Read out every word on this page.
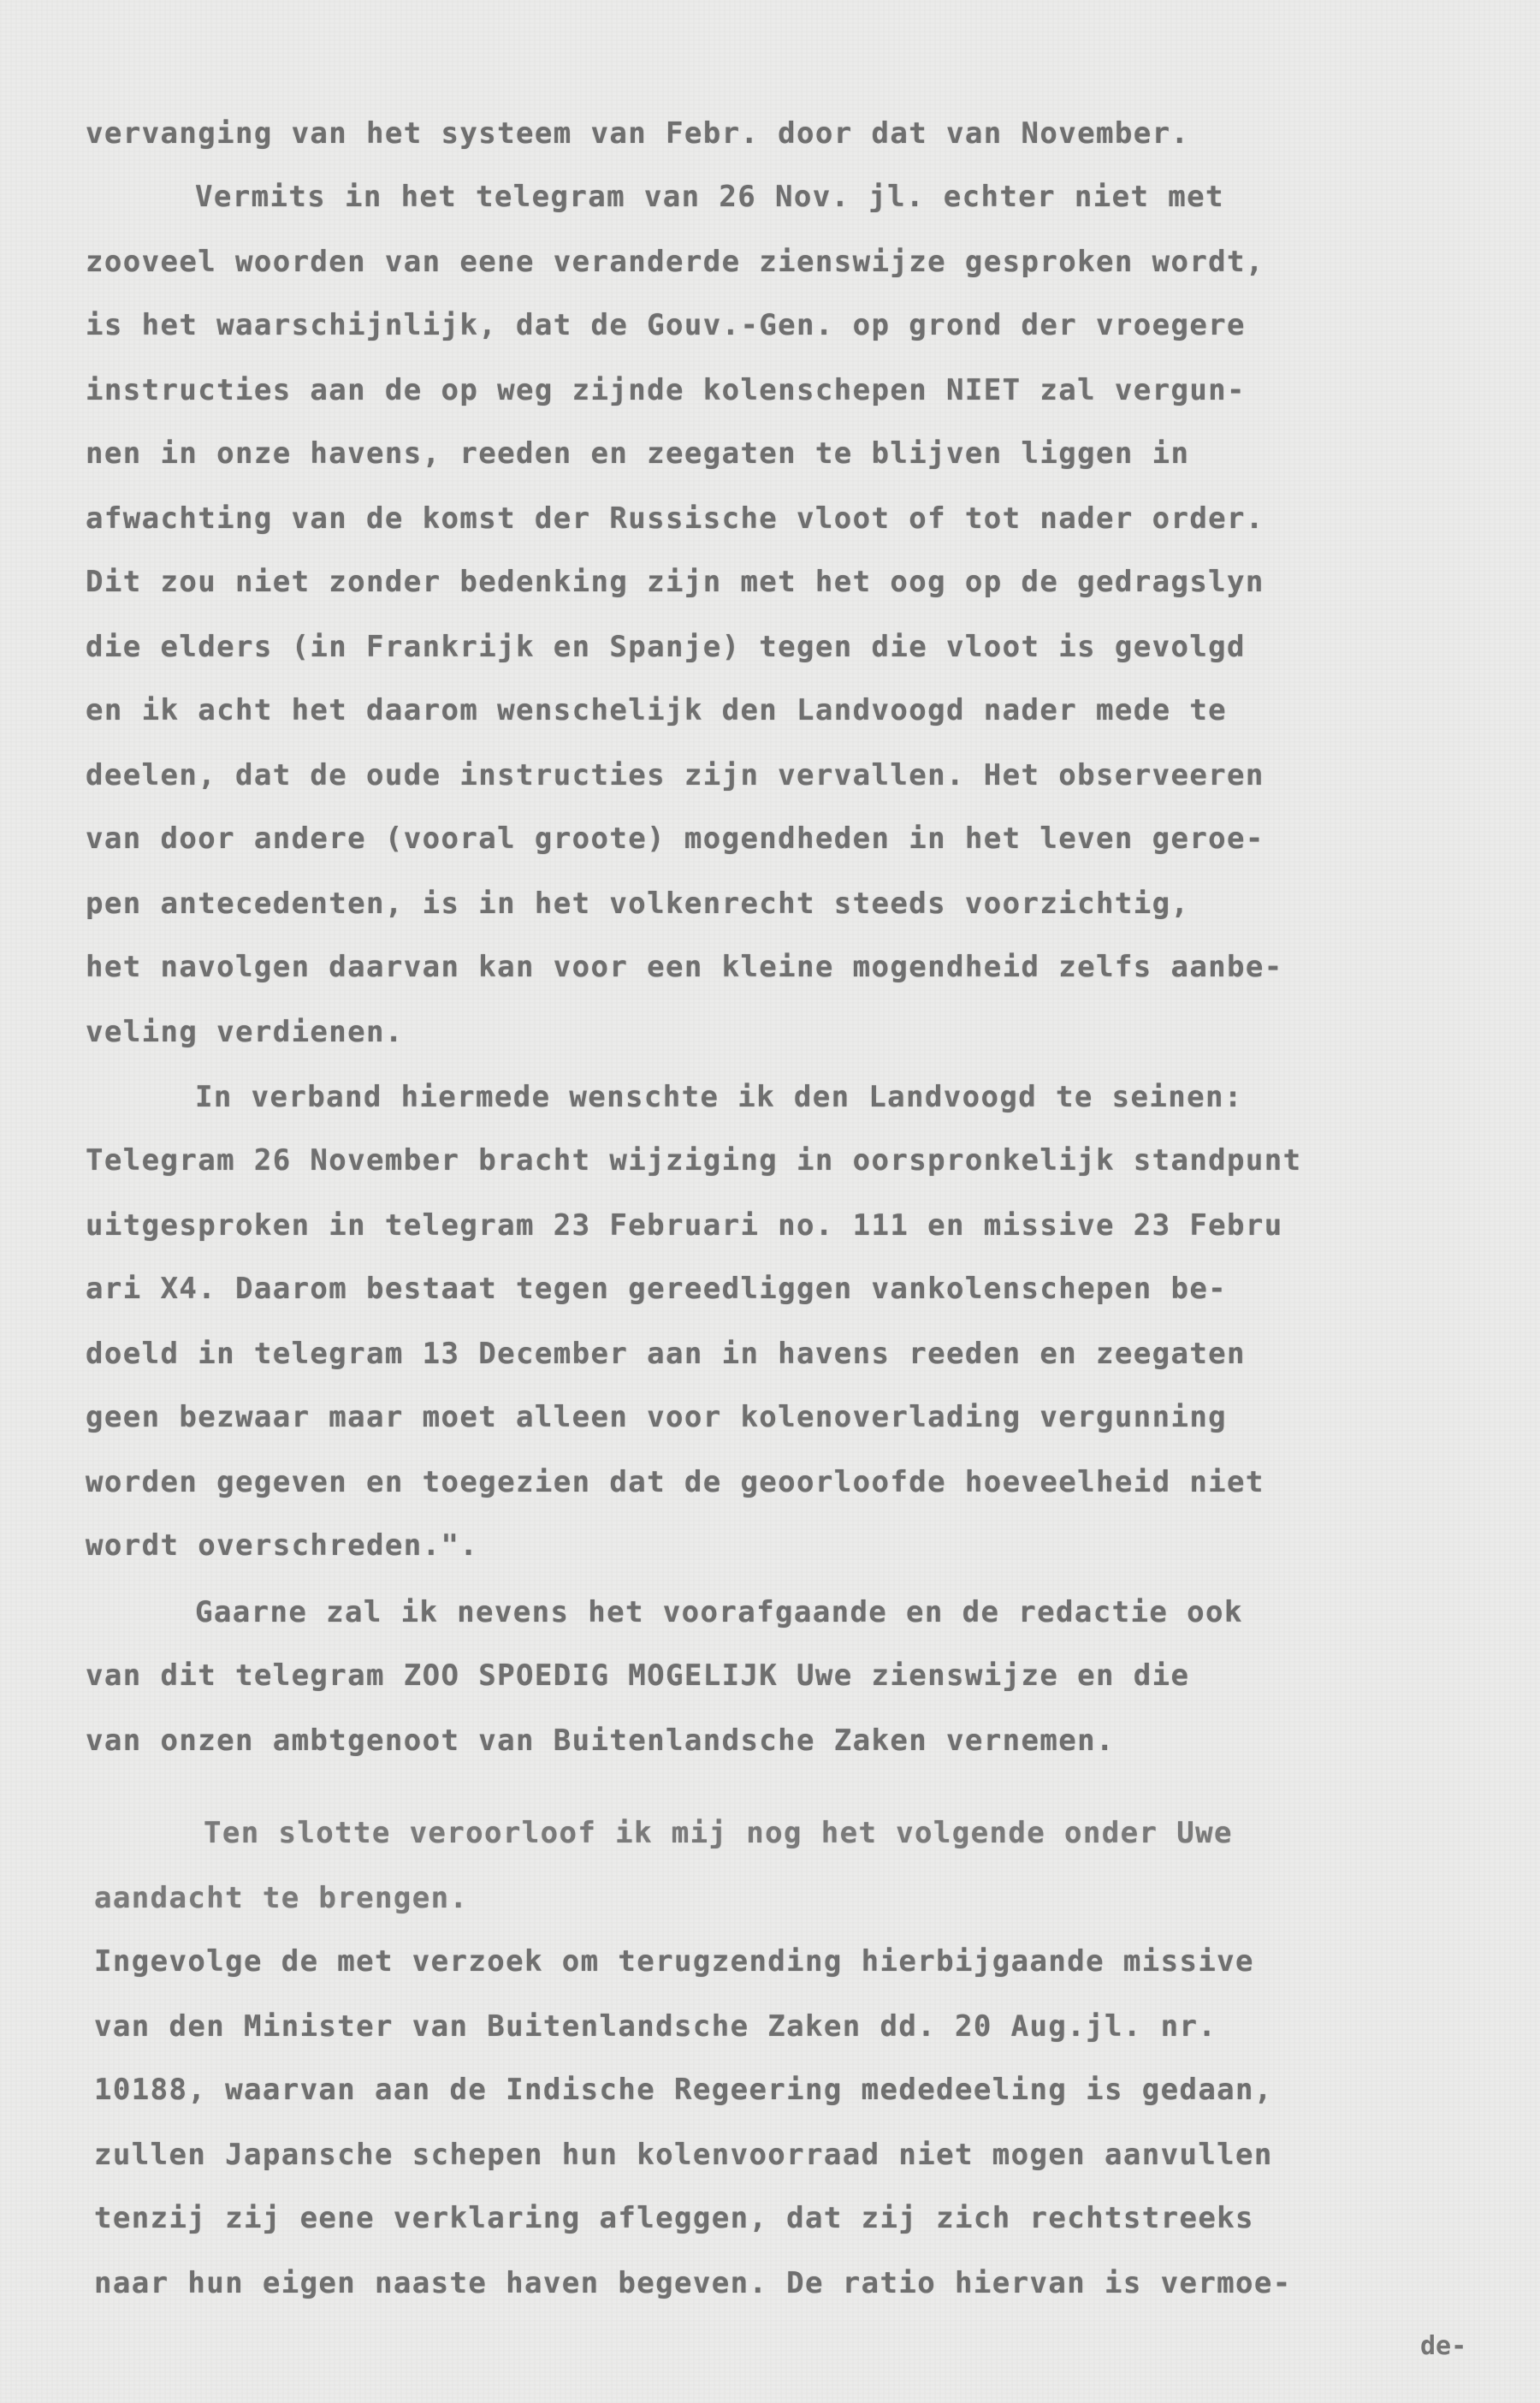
vervanging van het systeem van Febr. door dat van November.
Vermits in het telegram van 26 Nov. jl. echter niet met
zooveel woorden van eene veranderde zienswijze gesproken wordt,
is het waarschijnlijk, dat de Gouv.-Gen. op grond der vroegere
instructies aan de op weg zijnde kolenschepen NIET zal vergun-
nen in onze havens, reeden en zeegaten te blijven liggen in
afwachting van de komst der Russische vloot of tot nader order.
Dit zou niet zonder bedenking zijn met het oog op de gedragslyn
die elders (in Frankrijk en Spanje) tegen die vloot is gevolgd
en ik acht het daarom wenschelijk den Landvoogd nader mede te
deelen, dat de oude instructies zijn vervallen. Het observeeren
van door andere (vooral groote) mogendheden in het leven geroe-
pen antecedenten, is in het volkenrecht steeds voorzichtig,
het navolgen daarvan kan voor een kleine mogendheid zelfs aanbe-
veling verdienen.
In verband hiermede wenschte ik den Landvoogd te seinen:
Telegram 26 November bracht wijziging in oorspronkelijk standpunt
uitgesproken in telegram 23 Februari no. 111 en missive 23 Febru
ari X4. Daarom bestaat tegen gereedliggen vankolenschepen be-
doeld in telegram 13 December aan in havens reeden en zeegaten
geen bezwaar maar moet alleen voor kolenoverlading vergunning
worden gegeven en toegezien dat de geoorloofde hoeveelheid niet
wordt overschreden.".
Gaarne zal ik nevens het voorafgaande en de redactie ook
van dit telegram ZOO SPOEDIG MOGELIJK Uwe zienswijze en die
van onzen ambtgenoot van Buitenlandsche Zaken vernemen.
Ten slotte veroorloof ik mij nog het volgende onder Uwe
aandacht te brengen.
Ingevolge de met verzoek om terugzending hierbijgaande missive
van den Minister van Buitenlandsche Zaken dd. 20 Aug.jl. nr.
10188, waarvan aan de Indische Regeering mededeeling is gedaan,
zullen Japansche schepen hun kolenvoorraad niet mogen aanvullen
tenzij zij eene verklaring afleggen, dat zij zich rechtstreeks
naar hun eigen naaste haven begeven. De ratio hiervan is vermoe-
de-
